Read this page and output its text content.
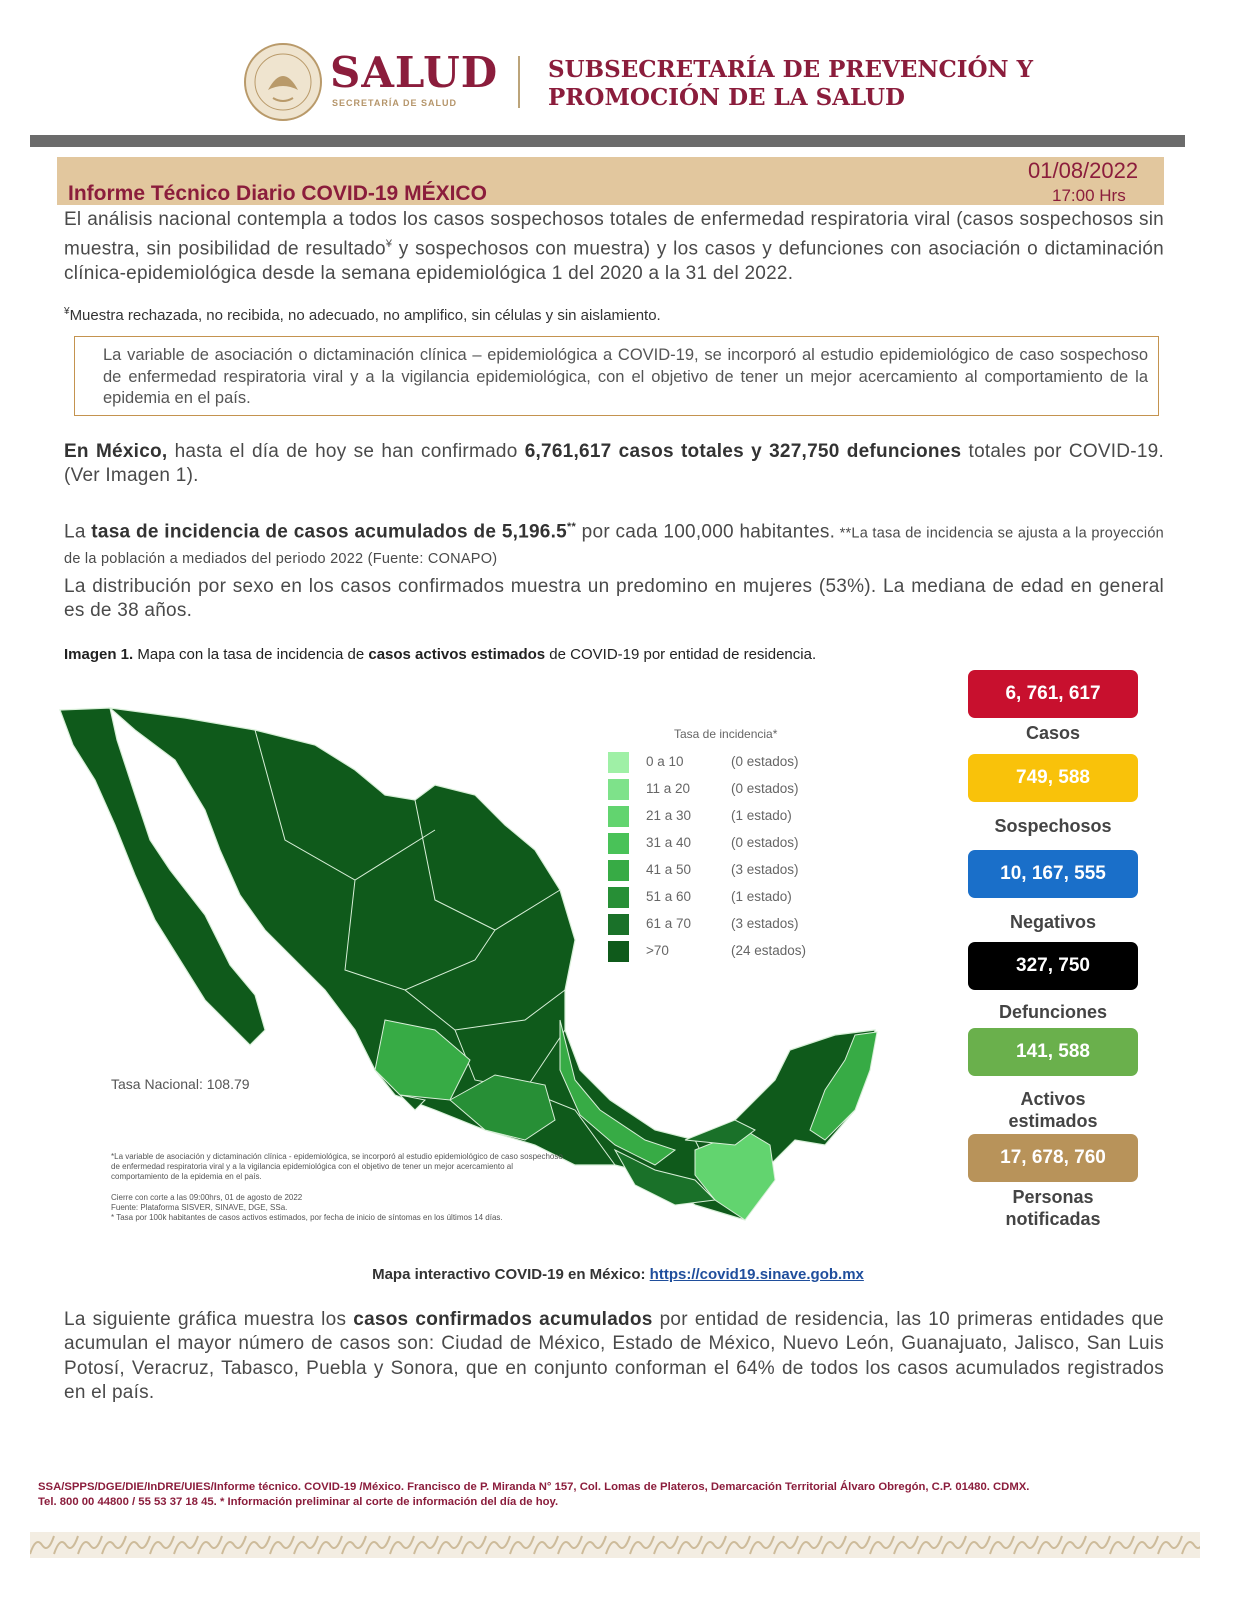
SALUD
SECRETARÍA DE SALUD
SUBSECRETARÍA DE PREVENCIÓN Y
PROMOCIÓN DE LA SALUD
Informe Técnico Diario COVID-19 MÉXICO
01/08/2022
17:00 Hrs
El análisis nacional contempla a todos los casos sospechosos totales de enfermedad respiratoria viral (casos sospechosos sin muestra, sin posibilidad de resultado¥ y sospechosos con muestra) y los casos y defunciones con asociación o dictaminación clínica-epidemiológica desde la semana epidemiológica 1 del 2020 a la 31 del 2022.
¥Muestra rechazada, no recibida, no adecuado, no amplifico, sin células y sin aislamiento.
La variable de asociación o dictaminación clínica – epidemiológica a COVID-19, se incorporó al estudio epidemiológico de caso sospechoso de enfermedad respiratoria viral y a la vigilancia epidemiológica, con el objetivo de tener un mejor acercamiento al comportamiento de la epidemia en el país.
En México, hasta el día de hoy se han confirmado 6,761,617 casos totales y 327,750 defunciones totales por COVID-19. (Ver Imagen 1).
La tasa de incidencia de casos acumulados de 5,196.5** por cada 100,000 habitantes. **La tasa de incidencia se ajusta a la proyección de la población a mediados del periodo 2022 (Fuente: CONAPO)
La distribución por sexo en los casos confirmados muestra un predomino en mujeres (53%). La mediana de edad en general es de 38 años.
Imagen 1. Mapa con la tasa de incidencia de casos activos estimados de COVID-19 por entidad de residencia.
Tasa de incidencia*
0 a 10	(0 estados)
11 a 20	(0 estados)
21 a 30	(1 estado)
31 a 40	(0 estados)
41 a 50	(3 estados)
51 a 60	(1 estado)
61 a 70	(3 estados)
>70	(24 estados)
Tasa Nacional: 108.79
*La variable de asociación y dictaminación clínica - epidemiológica, se incorporó al estudio epidemiológico de caso sospechoso de enfermedad respiratoria viral y a la vigilancia epidemiológica con el objetivo de tener un mejor acercamiento al comportamiento de la epidemia en el país.
Cierre con corte a las 09:00hrs, 01 de agosto de 2022
Fuente: Plataforma SISVER, SINAVE, DGE, SSa.
* Tasa por 100k habitantes de casos activos estimados, por fecha de inicio de síntomas en los últimos 14 días.
6, 761, 617
Casos
749, 588
Sospechosos
10, 167, 555
Negativos
327, 750
Defunciones
141, 588
Activos estimados
17, 678, 760
Personas notificadas
Mapa interactivo COVID-19 en México: https://covid19.sinave.gob.mx
La siguiente gráfica muestra los casos confirmados acumulados por entidad de residencia, las 10 primeras entidades que acumulan el mayor número de casos son: Ciudad de México, Estado de México, Nuevo León, Guanajuato, Jalisco, San Luis Potosí, Veracruz, Tabasco, Puebla y Sonora, que en conjunto conforman el 64% de todos los casos acumulados registrados en el país.
SSA/SPPS/DGE/DIE/InDRE/UIES/Informe técnico. COVID-19 /México. Francisco de P. Miranda N° 157, Col. Lomas de Plateros, Demarcación Territorial Álvaro Obregón, C.P. 01480. CDMX.
Tel. 800 00 44800 / 55 53 37 18 45. * Información preliminar al corte de información del día de hoy.
